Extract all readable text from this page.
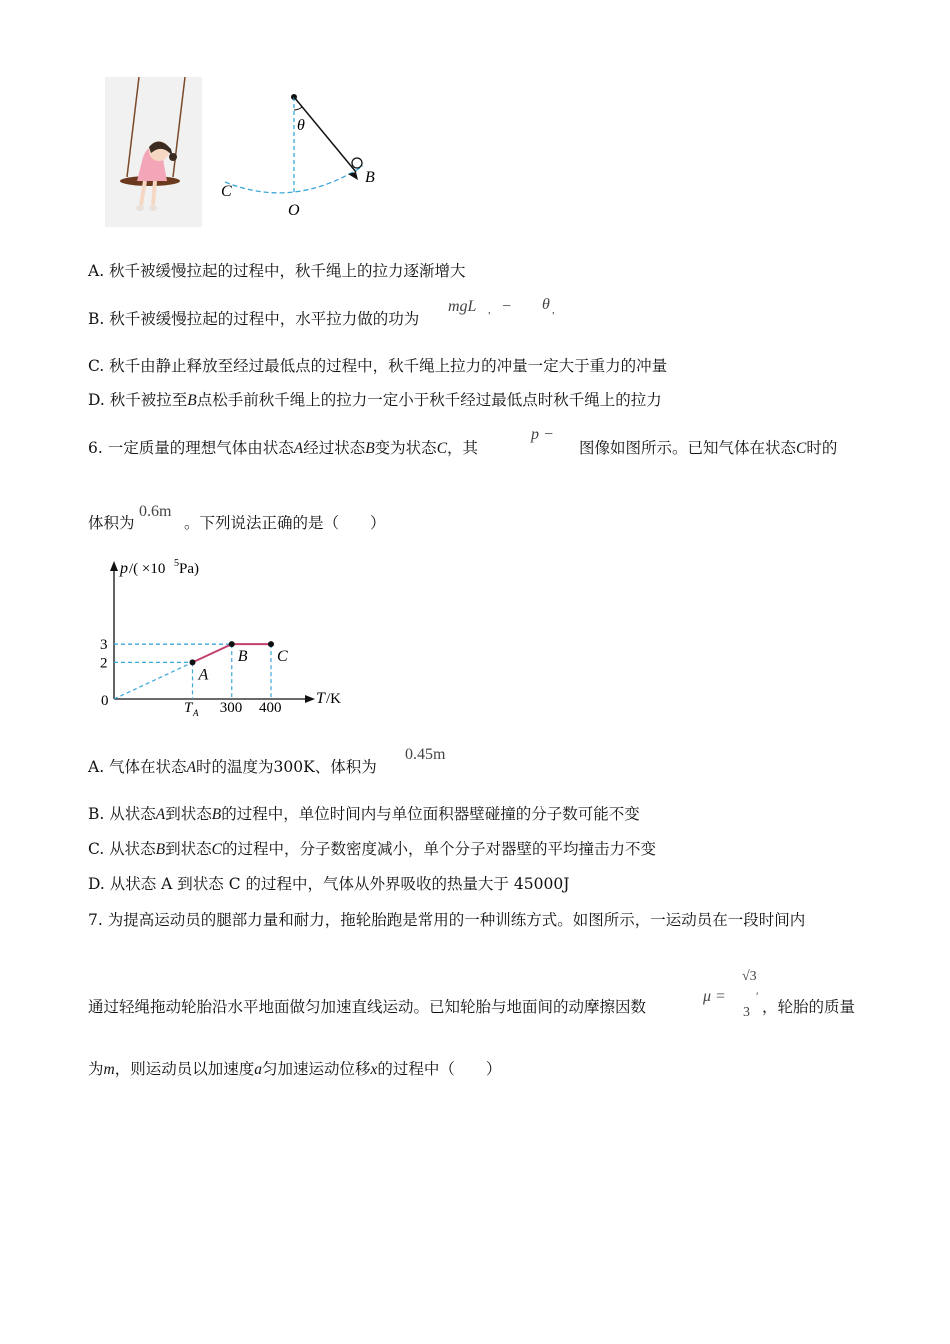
θ
B
C
O
A. 秋千被缓慢拉起的过程中，秋千绳上的拉力逐渐增大
B. 秋千被缓慢拉起的过程中，水平拉力做的功为
mgL , − θ ,
C. 秋千由静止释放至经过最低点的过程中，秋千绳上拉力的冲量一定大于重力的冲量
D. 秋千被拉至B点松手前秋千绳上的拉力一定小于秋千经过最低点时秋千绳上的拉力
6. 一定质量的理想气体由状态A经过状态B变为状态C，其
p −
图像如图所示。已知气体在状态C时的
体积为
0.6m
。下列说法正确的是（　　）
A
B C
3
2
300 400
p /( ×10 5 Pa)
T /K
0	T A
A. 气体在状态A时的温度为300K、体积为
0.45m
B. 从状态A到状态B的过程中，单位时间内与单位面积器壁碰撞的分子数可能不变
C. 从状态B到状态C的过程中，分子数密度减小，单个分子对器壁的平均撞击力不变
D. 从状态 A 到状态 C 的过程中，气体从外界吸收的热量大于 45000J
7. 为提高运动员的腿部力量和耐力，拖轮胎跑是常用的一种训练方式。如图所示，一运动员在一段时间内
通过轻绳拖动轮胎沿水平地面做匀加速直线运动。已知轮胎与地面间的动摩擦因数
μ =
√3
′
3 ，轮胎的质量
为m，则运动员以加速度a匀加速运动位移x的过程中（　　）
